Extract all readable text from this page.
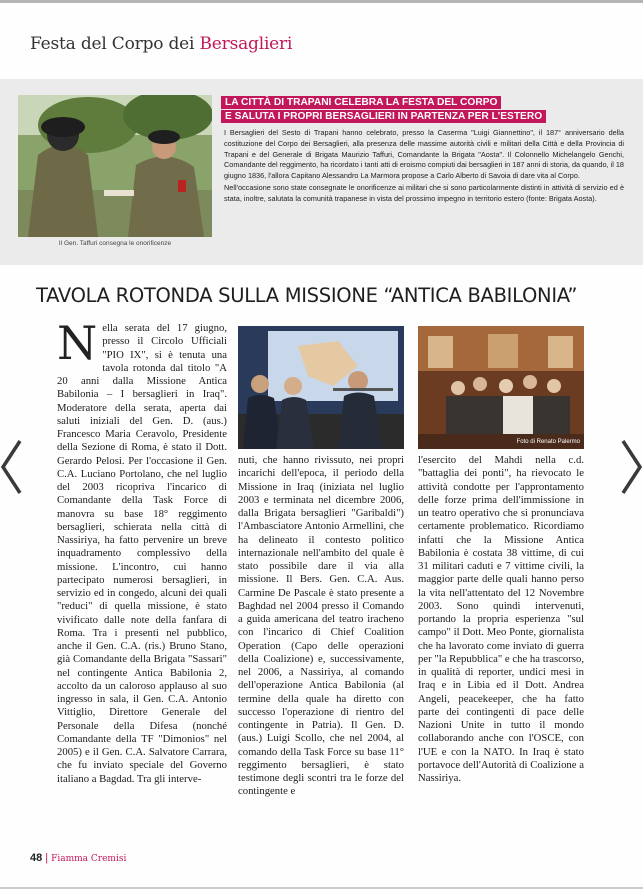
Festa del Corpo dei Bersaglieri
Il Gen. Taffuri consegna le onorificenze
LA CITTÀ DI TRAPANI CELEBRA LA FESTA DEL CORPO
E SALUTA I PROPRI BERSAGLIERI IN PARTENZA PER L'ESTERO

I Bersaglieri del Sesto di Trapani hanno celebrato, presso la Caserma "Luigi Giannettino", il 187° anniversario della costituzione del Corpo dei Bersaglieri, alla presenza delle massime autorità civili e militari della Città e della Provincia di Trapani e del Generale di Brigata Maurizio Taffuri, Comandante la Brigata "Aosta". Il Colonnello Michelangelo Genchi, Comandante del reggimento, ha ricordato i tanti atti di eroismo compiuti dai bersaglieri in 187 anni di storia, da quando, il 18 giugno 1836, l'allora Capitano Alessandro La Marmora propose a Carlo Alberto di Savoia di dare vita al Corpo.

Nell'occasione sono state consegnate le onorificenze ai militari che si sono particolarmente distinti in attività di servizio ed è stata, inoltre, salutata la comunità trapanese in vista del prossimo impegno in territorio estero (fonte: Brigata Aosta).

TAVOLA ROTONDA SULLA MISSIONE “ANTICA BABILONIA”
N ella serata del 17 giugno, presso il Circolo Ufficiali "PIO IX", si è tenuta una tavola rotonda dal titolo "A 20 anni dalla Missione Antica Babilonia – I bersaglieri in Iraq". Moderatore della serata, aperta dai saluti iniziali del Gen. D. (aus.) Francesco Maria Ceravolo, Presidente della Sezione di Roma, è stato il Dott. Gerardo Pelosi. Per l'occasione il Gen. C.A. Luciano Portolano, che nel luglio del 2003 ricopriva l'incarico di Comandante della Task Force di manovra su base 18° reggimento bersaglieri, schierata nella città di Nassiriya, ha fatto pervenire un breve inquadramento complessivo della missione. L'incontro, cui hanno partecipato numerosi bersaglieri, in servizio ed in congedo, alcuni dei quali "reduci" di quella missione, è stato vivificato dalle note della fanfara di Roma. Tra i presenti nel pubblico, anche il Gen. C.A. (ris.) Bruno Stano, già Comandante della Brigata "Sassari" nel contingente Antica Babilonia 2, accolto da un caloroso applauso al suo ingresso in sala, il Gen. C.A. Antonio Vittiglio, Direttore Generale del Personale della Difesa (nonché Comandante della TF "Dimonios" nel 2005) e il Gen. C.A. Salvatore Carrara, che fu inviato speciale del Governo italiano a Bagdad. Tra gli interve-

Foto di Renato Palermo

nuti, che hanno rivissuto, nei propri incarichi dell'epoca, il periodo della Missione in Iraq (iniziata nel luglio 2003 e terminata nel dicembre 2006, dalla Brigata bersaglieri "Garibaldi") l'Ambasciatore Antonio Armellini, che ha delineato il contesto politico internazionale nell'ambito del quale è stato possibile dare il via alla missione. Il Bers. Gen. C.A. Aus. Carmine De Pascale è stato presente a Baghdad nel 2004 presso il Comando a guida americana del teatro iracheno con l'incarico di Chief Coalition Operation (Capo delle operazioni della Coalizione) e, successivamente, nel 2006, a Nassiriya, al comando dell'operazione Antica Babilonia (al termine della quale ha diretto con successo l'operazione di rientro del contingente in Patria). Il Gen. D. (aus.) Luigi Scollo, che nel 2004, al comando della Task Force su base 11° reggimento bersaglieri, è stato testimone degli scontri tra le forze del contingente e

l'esercito del Mahdi nella c.d. "battaglia dei ponti", ha rievocato le attività condotte per l'approntamento delle forze prima dell'immissione in un teatro operativo che si pronunciava certamente problematico. Ricordiamo infatti che la Missione Antica Babilonia è costata 38 vittime, di cui 31 militari caduti e 7 vittime civili, la maggior parte delle quali hanno perso la vita nell'attentato del 12 Novembre 2003. Sono quindi intervenuti, portando la propria esperienza "sul campo" il Dott. Meo Ponte, giornalista che ha lavorato come inviato di guerra per "la Repubblica" e che ha trascorso, in qualità di reporter, undici mesi in Iraq e in Libia ed il Dott. Andrea Angeli, peacekeeper, che ha fatto parte dei contingenti di pace delle Nazioni Unite in tutto il mondo collaborando anche con l'OSCE, con l'UE e con la NATO. In Iraq è stato portavoce dell'Autorità di Coalizione a Nassiriya.

48 | Fiamma Cremisi
